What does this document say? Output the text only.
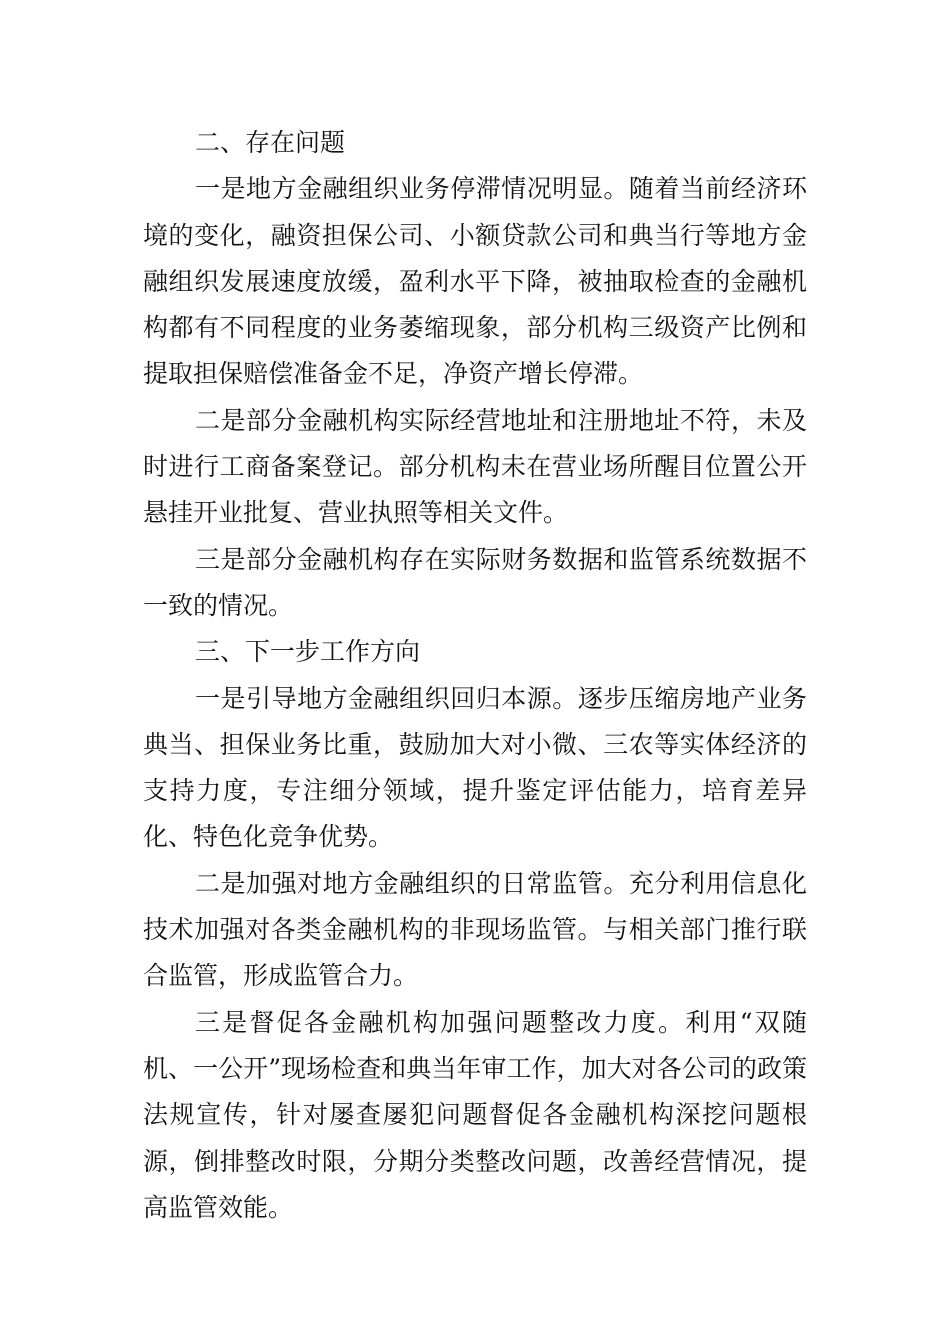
二、存在问题

一是地方金融组织业务停滞情况明显。随着当前经济环境的变化，融资担保公司、小额贷款公司和典当行等地方金融组织发展速度放缓，盈利水平下降，被抽取检查的金融机构都有不同程度的业务萎缩现象，部分机构三级资产比例和提取担保赔偿准备金不足，净资产增长停滞。

二是部分金融机构实际经营地址和注册地址不符，未及时进行工商备案登记。部分机构未在营业场所醒目位置公开悬挂开业批复、营业执照等相关文件。

三是部分金融机构存在实际财务数据和监管系统数据不一致的情况。

三、下一步工作方向

一是引导地方金融组织回归本源。逐步压缩房地产业务典当、担保业务比重，鼓励加大对小微、三农等实体经济的支持力度，专注细分领域，提升鉴定评估能力，培育差异化、特色化竞争优势。

二是加强对地方金融组织的日常监管。充分利用信息化技术加强对各类金融机构的非现场监管。与相关部门推行联合监管，形成监管合力。

三是督促各金融机构加强问题整改力度。利用“双随机、一公开”现场检查和典当年审工作，加大对各公司的政策法规宣传，针对屡查屡犯问题督促各金融机构深挖问题根源，倒排整改时限，分期分类整改问题，改善经营情况，提高监管效能。
